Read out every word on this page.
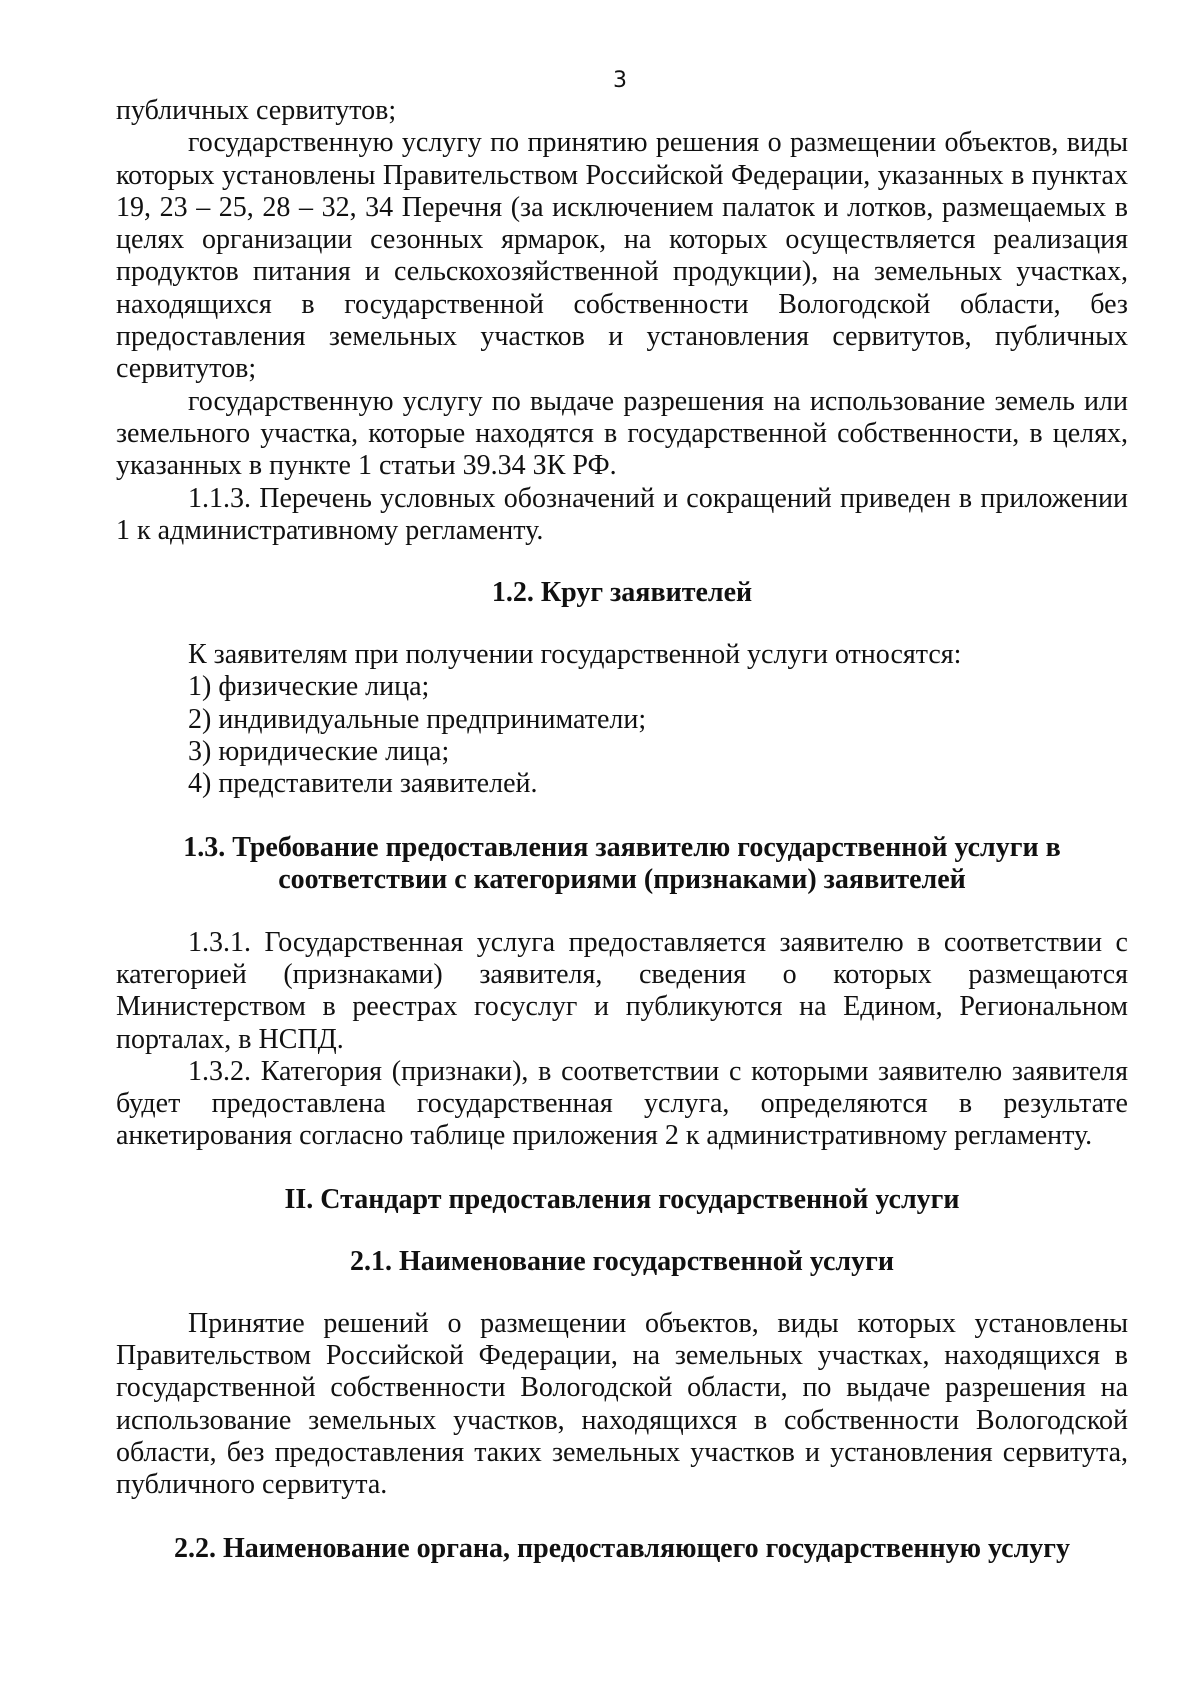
3

публичных сервитутов;

государственную услугу по принятию решения о размещении объектов, виды которых установлены Правительством Российской Федерации, указанных в пунктах 19, 23 – 25, 28 – 32, 34 Перечня (за исключением палаток и лотков, размещаемых в целях организации сезонных ярмарок, на которых осуществляется реализация продуктов питания и сельскохозяйственной продукции), на земельных участках, находящихся в государственной собственности Вологодской области, без предоставления земельных участков и установления сервитутов, публичных сервитутов;

государственную услугу по выдаче разрешения на использование земель или земельного участка, которые находятся в государственной собственности, в целях, указанных в пункте 1 статьи 39.34 ЗК РФ.

1.1.3. Перечень условных обозначений и сокращений приведен в приложении 1 к административному регламенту.

1.2. Круг заявителей

К заявителям при получении государственной услуги относятся:

1) физические лица;

2) индивидуальные предприниматели;

3) юридические лица;

4) представители заявителей.

1.3. Требование предоставления заявителю государственной услуги в
соответствии с категориями (признаками) заявителей

1.3.1. Государственная услуга предоставляется заявителю в соответствии с категорией (признаками) заявителя, сведения о которых размещаются Министерством в реестрах госуслуг и публикуются на Едином, Региональном порталах, в НСПД.

1.3.2. Категория (признаки), в соответствии с которыми заявителю заявителя будет предоставлена государственная услуга, определяются в результате анкетирования согласно таблице приложения 2 к административному регламенту.

II. Стандарт предоставления государственной услуги
2.1. Наименование государственной услуги

Принятие решений о размещении объектов, виды которых установлены Правительством Российской Федерации, на земельных участках, находящихся в государственной собственности Вологодской области, по выдаче разрешения на использование земельных участков, находящихся в собственности Вологодской области, без предоставления таких земельных участков и установления сервитута, публичного сервитута.

2.2. Наименование органа, предоставляющего государственную услугу
